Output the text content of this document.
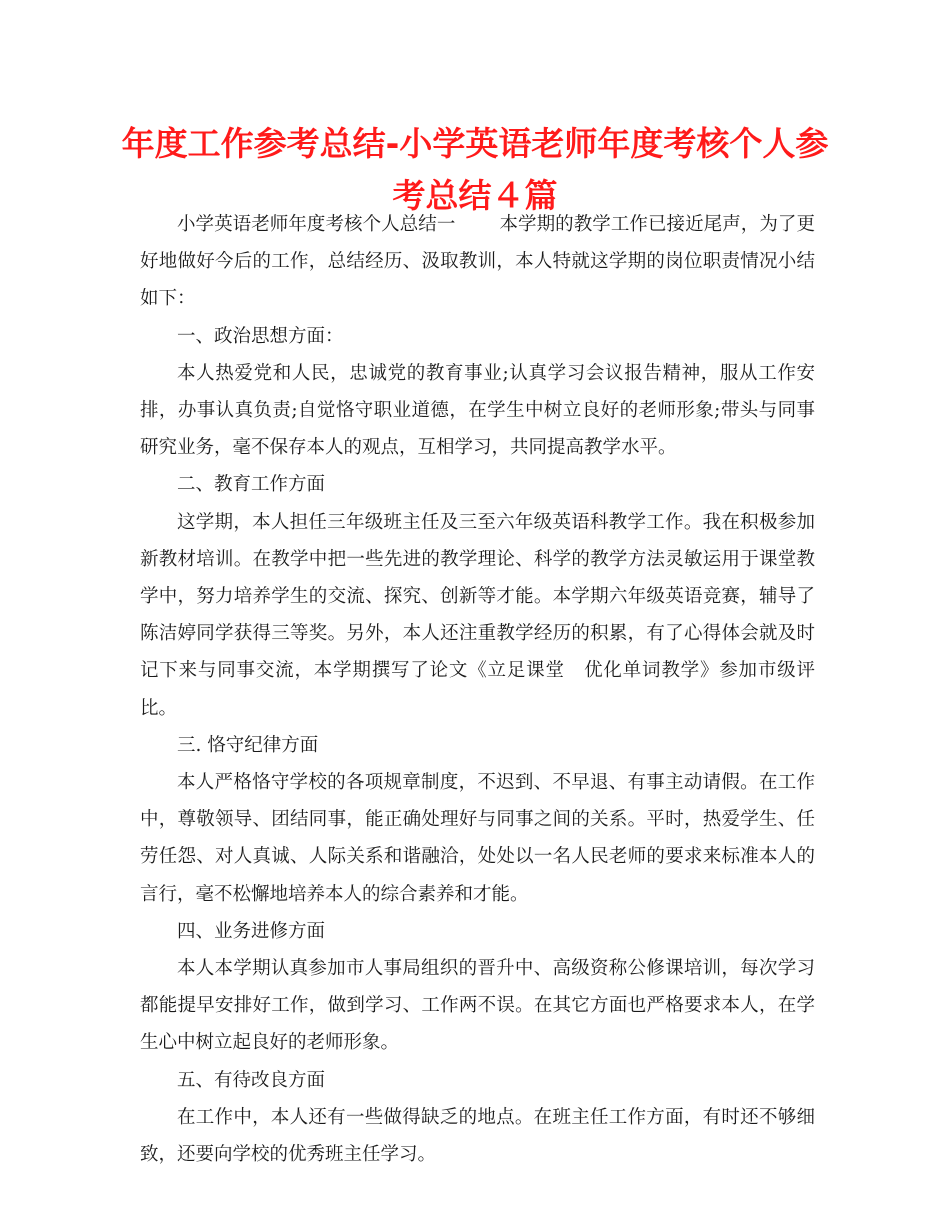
年度工作参考总结-小学英语老师年度考核个人参考总结４篇

小学英语老师年度考核个人总结一 本学期的教学工作已接近尾声，为了更好地做好今后的工作，总结经历、汲取教训，本人特就这学期的岗位职责情况小结如下：

一、政治思想方面：

本人热爱党和人民，忠诚党的教育事业;认真学习会议报告精神，服从工作安排，办事认真负责;自觉恪守职业道德，在学生中树立良好的老师形象;带头与同事研究业务，毫不保存本人的观点，互相学习，共同提高教学水平。

二、教育工作方面

这学期，本人担任三年级班主任及三至六年级英语科教学工作。我在积极参加新教材培训。在教学中把一些先进的教学理论、科学的教学方法灵敏运用于课堂教学中，努力培养学生的交流、探究、创新等才能。本学期六年级英语竞赛，辅导了陈洁婷同学获得三等奖。另外，本人还注重教学经历的积累，有了心得体会就及时记下来与同事交流，本学期撰写了论文《立足课堂　优化单词教学》参加市级评比。

三. 恪守纪律方面

本人严格恪守学校的各项规章制度，不迟到、不早退、有事主动请假。在工作中，尊敬领导、团结同事，能正确处理好与同事之间的关系。平时，热爱学生、任劳任怨、对人真诚、人际关系和谐融洽，处处以一名人民老师的要求来标准本人的言行，毫不松懈地培养本人的综合素养和才能。

四、业务进修方面

本人本学期认真参加市人事局组织的晋升中、高级资称公修课培训，每次学习都能提早安排好工作，做到学习、工作两不误。在其它方面也严格要求本人，在学生心中树立起良好的老师形象。

五、有待改良方面

在工作中，本人还有一些做得缺乏的地点。在班主任工作方面，有时还不够细致，还要向学校的优秀班主任学习。
